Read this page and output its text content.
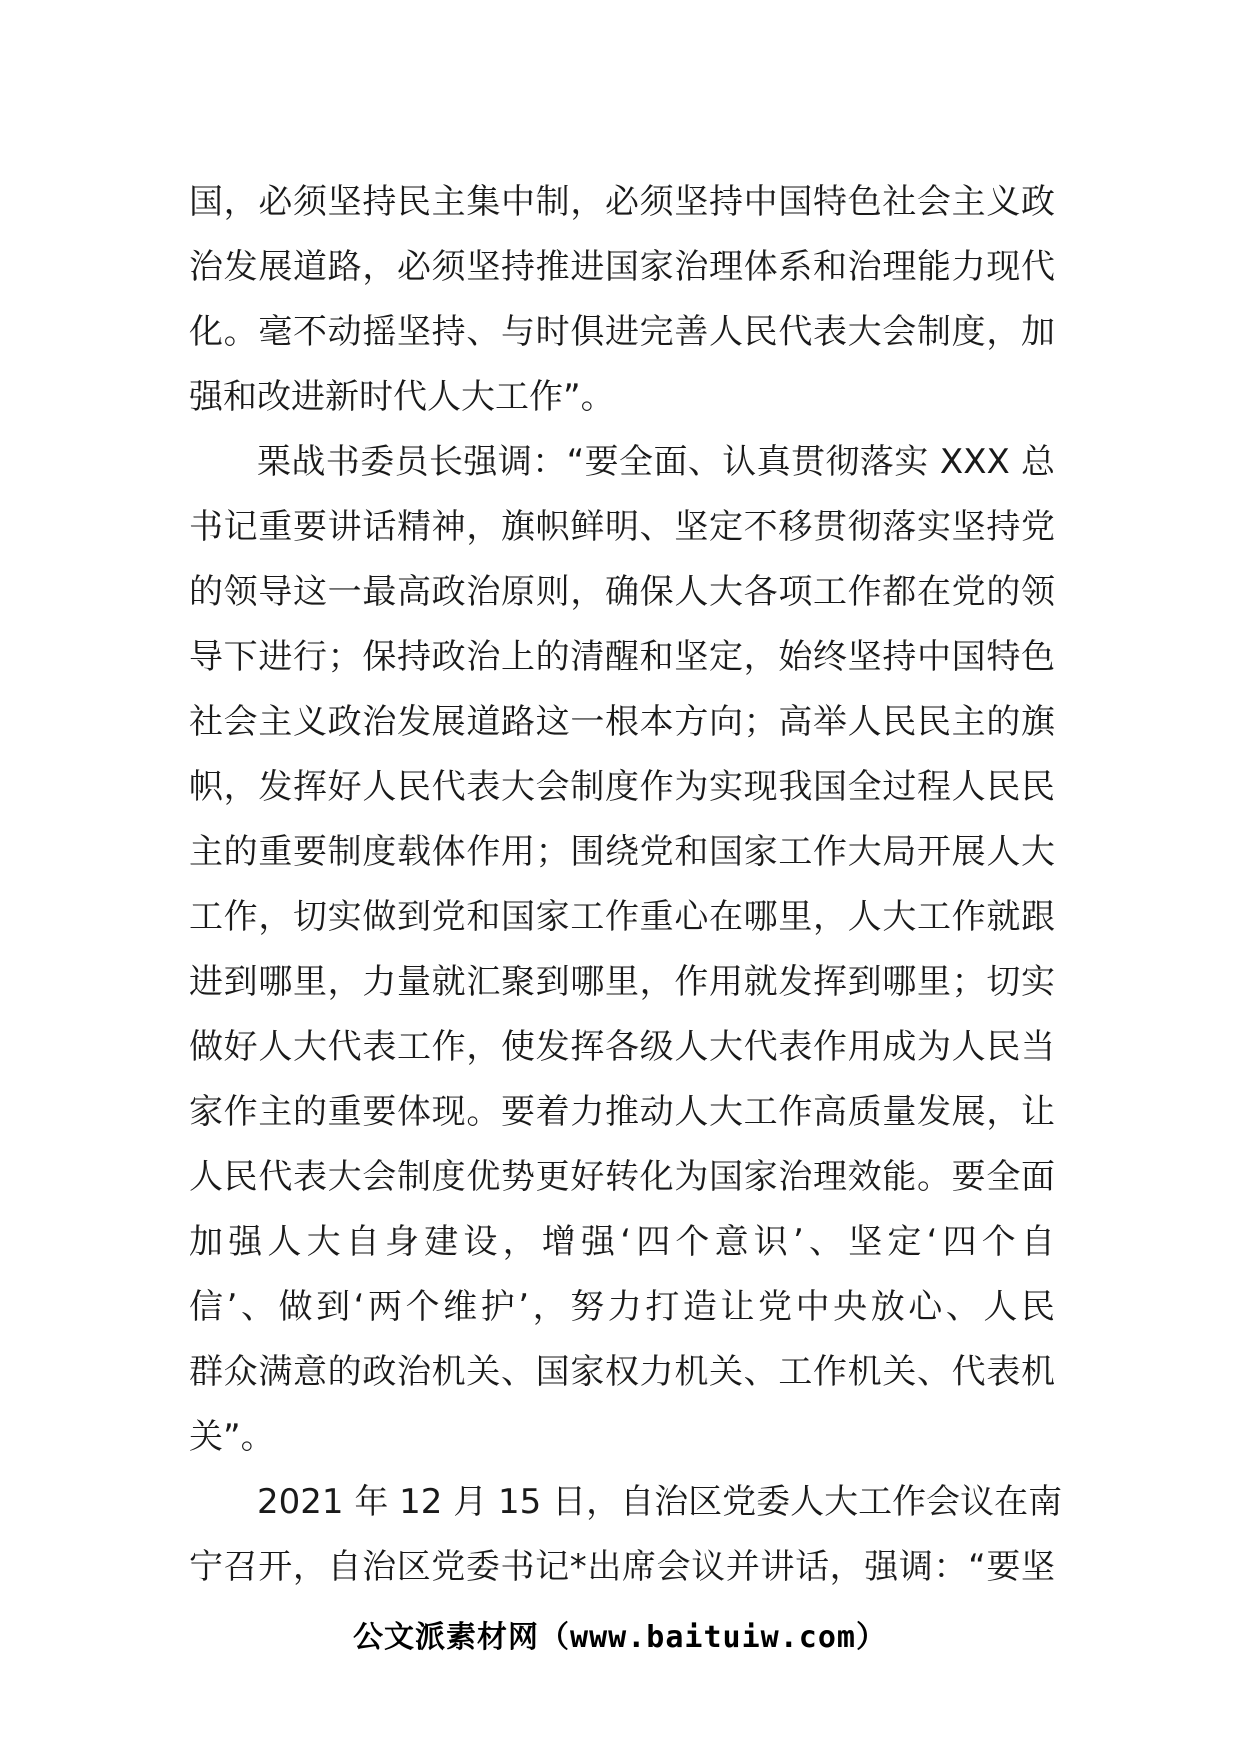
国，必须坚持民主集中制，必须坚持中国特色社会主义政
治发展道路，必须坚持推进国家治理体系和治理能力现代
化。毫不动摇坚持、与时俱进完善人民代表大会制度，加
强和改进新时代人大工作”。
栗战书委员长强调：“要全面、认真贯彻落实 XXX 总
书记重要讲话精神，旗帜鲜明、坚定不移贯彻落实坚持党
的领导这一最高政治原则，确保人大各项工作都在党的领
导下进行；保持政治上的清醒和坚定，始终坚持中国特色
社会主义政治发展道路这一根本方向；高举人民民主的旗
帜，发挥好人民代表大会制度作为实现我国全过程人民民
主的重要制度载体作用；围绕党和国家工作大局开展人大
工作，切实做到党和国家工作重心在哪里，人大工作就跟
进到哪里，力量就汇聚到哪里，作用就发挥到哪里；切实
做好人大代表工作，使发挥各级人大代表作用成为人民当
家作主的重要体现。要着力推动人大工作高质量发展，让
人民代表大会制度优势更好转化为国家治理效能。要全面
加强人大自身建设，增强‘四个意识’、坚定‘四个自
信’、做到‘两个维护’，努力打造让党中央放心、人民
群众满意的政治机关、国家权力机关、工作机关、代表机
关”。
2021 年 12 月 15 日，自治区党委人大工作会议在南
宁召开，自治区党委书记*出席会议并讲话，强调：“要坚
公文派素材网（www.baituiw.com）
